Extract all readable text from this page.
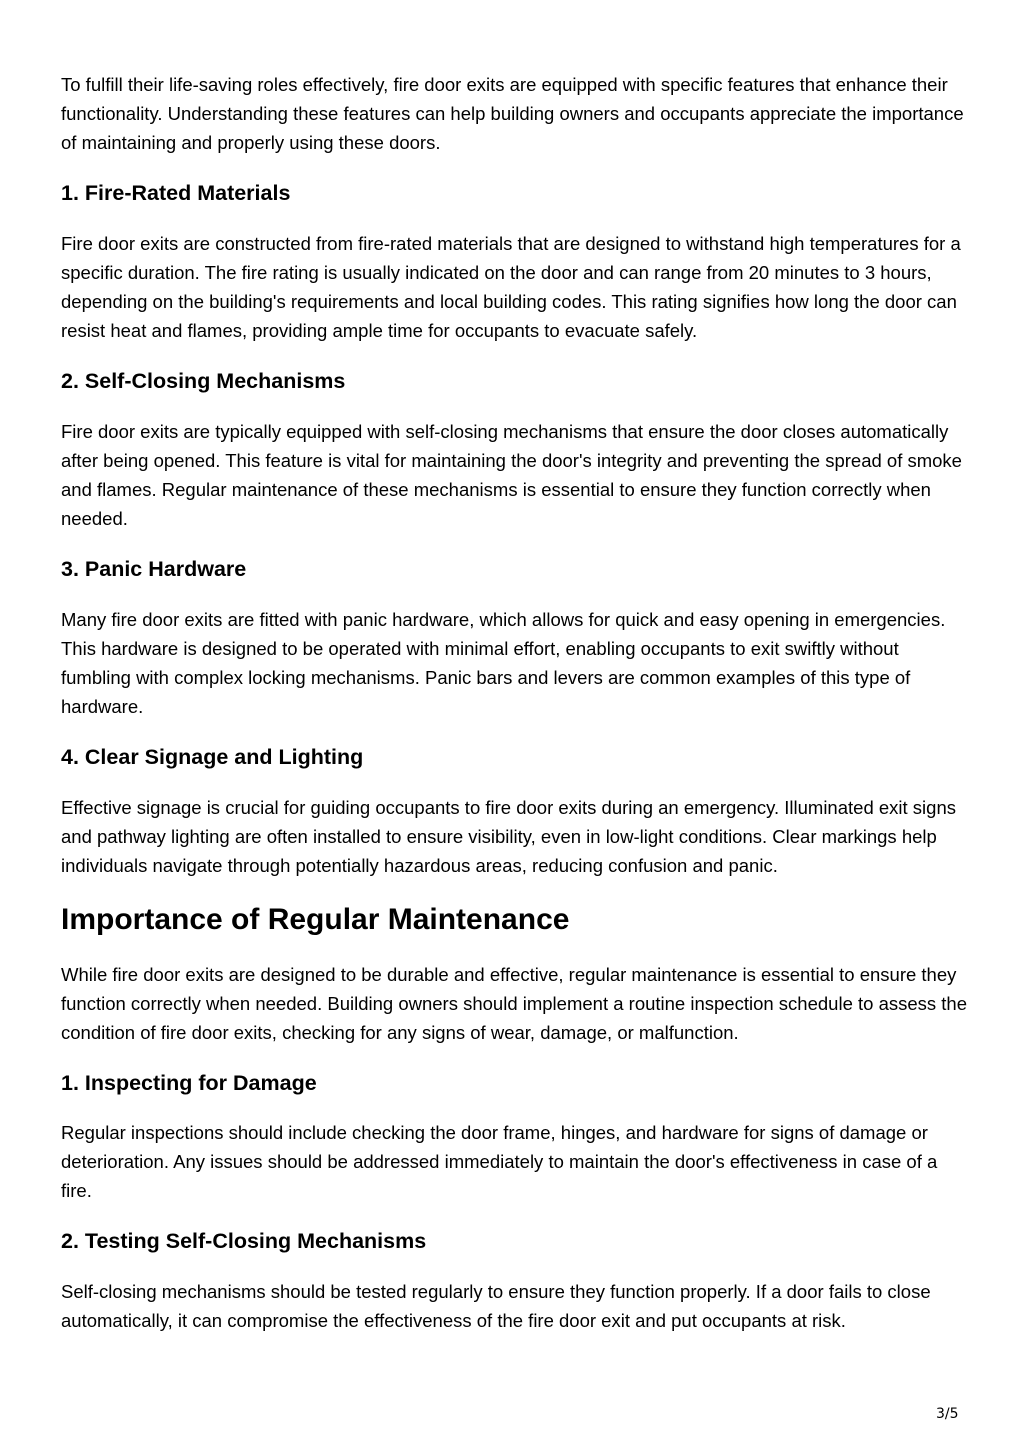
To fulfill their life-saving roles effectively, fire door exits are equipped with specific features that enhance their functionality. Understanding these features can help building owners and occupants appreciate the importance of maintaining and properly using these doors.

1. Fire-Rated Materials

Fire door exits are constructed from fire-rated materials that are designed to withstand high temperatures for a specific duration. The fire rating is usually indicated on the door and can range from 20 minutes to 3 hours, depending on the building's requirements and local building codes. This rating signifies how long the door can resist heat and flames, providing ample time for occupants to evacuate safely.

2. Self-Closing Mechanisms

Fire door exits are typically equipped with self-closing mechanisms that ensure the door closes automatically after being opened. This feature is vital for maintaining the door's integrity and preventing the spread of smoke and flames. Regular maintenance of these mechanisms is essential to ensure they function correctly when needed.

3. Panic Hardware

Many fire door exits are fitted with panic hardware, which allows for quick and easy opening in emergencies. This hardware is designed to be operated with minimal effort, enabling occupants to exit swiftly without fumbling with complex locking mechanisms. Panic bars and levers are common examples of this type of hardware.

4. Clear Signage and Lighting

Effective signage is crucial for guiding occupants to fire door exits during an emergency. Illuminated exit signs and pathway lighting are often installed to ensure visibility, even in low-light conditions. Clear markings help individuals navigate through potentially hazardous areas, reducing confusion and panic.

Importance of Regular Maintenance

While fire door exits are designed to be durable and effective, regular maintenance is essential to ensure they function correctly when needed. Building owners should implement a routine inspection schedule to assess the condition of fire door exits, checking for any signs of wear, damage, or malfunction.

1. Inspecting for Damage

Regular inspections should include checking the door frame, hinges, and hardware for signs of damage or deterioration. Any issues should be addressed immediately to maintain the door's effectiveness in case of a fire.

2. Testing Self-Closing Mechanisms

Self-closing mechanisms should be tested regularly to ensure they function properly. If a door fails to close automatically, it can compromise the effectiveness of the fire door exit and put occupants at risk.

3/5
